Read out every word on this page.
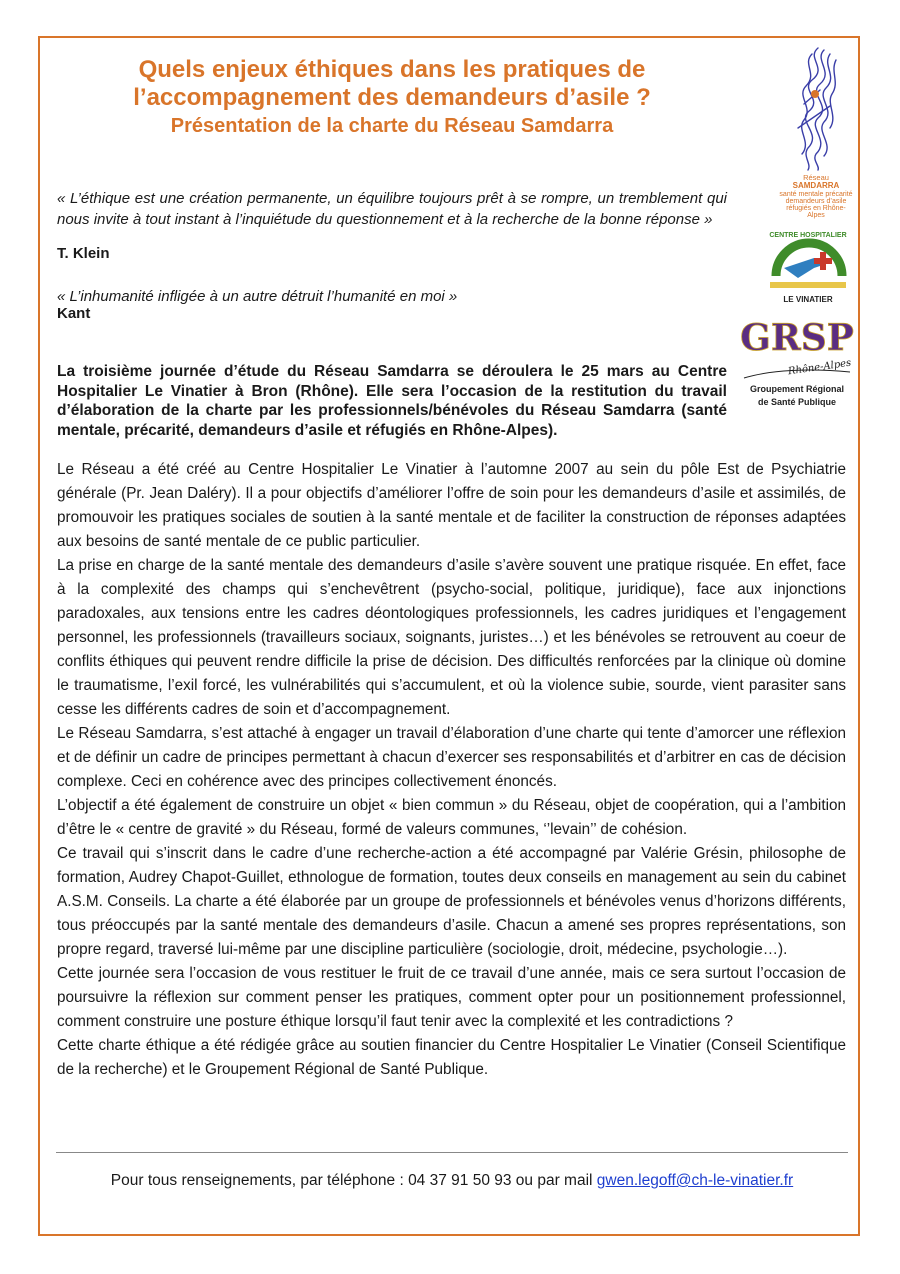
Quels enjeux éthiques dans les pratiques de
l’accompagnement des demandeurs d’asile ?
Présentation de la charte du Réseau Samdarra
Réseau
SAMDARRA
santé mentale précarité
demandeurs d’asile
réfugiés en Rhône-Alpes
CENTRE HOSPITALIER
LE VINATIER
GRSP
Rhône-Alpes
Groupement Régional
de Santé Publique
« L’éthique est une création permanente, un équilibre toujours prêt à se rompre, un tremblement qui nous invite à tout instant à l’inquiétude du questionnement et à la recherche de la bonne réponse »
T. Klein
« L’inhumanité infligée à un autre détruit l’humanité en moi »
Kant
La troisième journée d’étude du Réseau Samdarra se déroulera le 25 mars au Centre Hospitalier Le Vinatier à Bron (Rhône). Elle sera l’occasion de la restitution du travail d’élaboration de la charte par les professionnels/bénévoles du Réseau Samdarra (santé mentale, précarité, demandeurs d’asile et réfugiés en Rhône-Alpes).

Le Réseau a été créé au Centre Hospitalier Le Vinatier à l’automne 2007 au sein du pôle Est de Psychiatrie générale (Pr. Jean Daléry). Il a pour objectifs d’améliorer l’offre de soin pour les demandeurs d’asile et assimilés, de promouvoir les pratiques sociales de soutien à la santé mentale et de faciliter la construction de réponses adaptées aux besoins de santé mentale de ce public particulier.

La prise en charge de la santé mentale des demandeurs d’asile s’avère souvent une pratique risquée. En effet, face à la complexité des champs qui s’enchevêtrent (psycho-social, politique, juridique), face aux injonctions paradoxales, aux tensions entre les cadres déontologiques professionnels, les cadres juridiques et l’engagement personnel, les professionnels (travailleurs sociaux, soignants, juristes…) et les bénévoles se retrouvent au coeur de conflits éthiques qui peuvent rendre difficile la prise de décision. Des difficultés renforcées par la clinique où domine le traumatisme, l’exil forcé, les vulnérabilités qui s’accumulent, et où la violence subie, sourde, vient parasiter sans cesse les différents cadres de soin et d’accompagnement.

Le Réseau Samdarra, s’est attaché à engager un travail d’élaboration d’une charte qui tente d’amorcer une réflexion et de définir un cadre de principes permettant à chacun d’exercer ses responsabilités et d’arbitrer en cas de décision complexe. Ceci en cohérence avec des principes collectivement énoncés.

L’objectif a été également de construire un objet « bien commun » du Réseau, objet de coopération, qui a l’ambition d’être le « centre de gravité » du Réseau, formé de valeurs communes, ‘’levain’’ de cohésion.

Ce travail qui s’inscrit dans le cadre d’une recherche-action a été accompagné par Valérie Grésin, philosophe de formation, Audrey Chapot-Guillet, ethnologue de formation, toutes deux conseils en management au sein du cabinet A.S.M. Conseils. La charte a été élaborée par un groupe de professionnels et bénévoles venus d’horizons différents, tous préoccupés par la santé mentale des demandeurs d’asile. Chacun a amené ses propres représentations, son propre regard, traversé lui-même par une discipline particulière (sociologie, droit, médecine, psychologie…).

Cette journée sera l’occasion de vous restituer le fruit de ce travail d’une année, mais ce sera surtout l’occasion de poursuivre la réflexion sur comment penser les pratiques, comment opter pour un positionnement professionnel, comment construire une posture éthique lorsqu’il faut tenir avec la complexité et les contradictions ?

Cette charte éthique a été rédigée grâce au soutien financier du Centre Hospitalier Le Vinatier (Conseil Scientifique de la recherche) et le Groupement Régional de Santé Publique.

Pour tous renseignements, par téléphone : 04 37 91 50 93 ou par mail gwen.legoff@ch-le-vinatier.fr
